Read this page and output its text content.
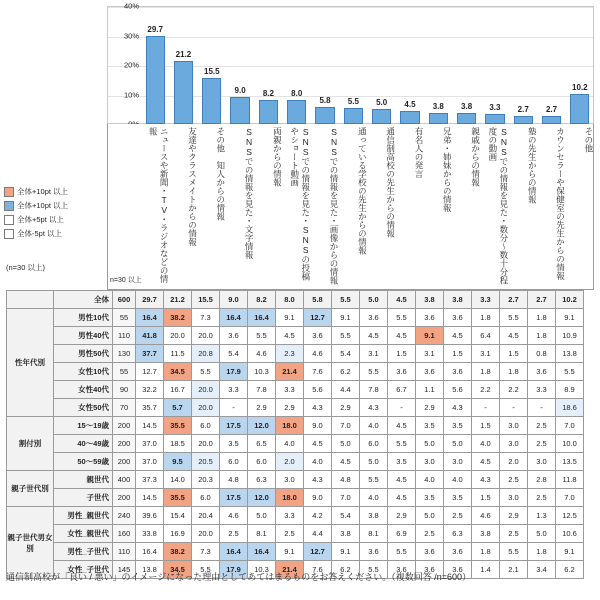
10%
20%
30%
40%
29.7
21.2
15.5
9.0 8.2 8.0
5.8 5.5 5.0 4.5 3.8 3.8 3.3 2.7 2.7
10.2
ニュースや新聞・TV・ラジオなどの情報	友達やクラスメイトからの情報	その他　知人からの情報	SNSでの情報を見た・文字情報	両親からの情報	SNSでの情報を見た・SNSの投稿やショート動画	SNSでの情報を見た・画像からの情報	通っている学校の先生からの情報	通信制高校の先生からの情報	有名人の発言	兄弟・姉妹からの情報	親戚からの情報	SNSでの情報を見た・数分～数十分程度の動画	塾の先生からの情報	カウンセラーや保健室の先生からの情報	その他
n=30 以上
全体+10pt 以上
全体+10pt 以上
全体+5pt 以上
全体-5pt 以上
(n=30 以上)
	全体	600	29.7	21.2	15.5	9.0	8.2	8.0	5.8	5.5	5.0	4.5	3.8	3.8	3.3	2.7	2.7	10.2
性年代別	男性10代	55	16.4	38.2	7.3	16.4	16.4	9.1	12.7	9.1	3.6	5.5	3.6	3.6	1.8	5.5	1.8	9.1
	男性40代	110	41.8	20.0	20.0	3.6	5.5	4.5	3.6	5.5	4.5	4.5	9.1	4.5	6.4	4.5	1.8	10.9
	男性50代	130	37.7	11.5	20.8	5.4	4.6	2.3	4.6	5.4	3.1	1.5	3.1	1.5	3.1	1.5	0.8	13.8
	女性10代	55	12.7	34.5	5.5	17.9	10.3	21.4	7.6	6.2	5.5	3.6	3.6	3.6	1.8	1.8	3.6	5.5
	女性40代	90	32.2	16.7	20.0	3.3	7.8	3.3	5.6	4.4	7.8	6.7	1.1	5.6	2.2	2.2	3.3	8.9
	女性50代	70	35.7	5.7	20.0	-	2.9	2.9	4.3	2.9	4.3	-	2.9	4.3	-	-	-	18.6
割付別	15～19歳	200	14.5	35.5	6.0	17.5	12.0	18.0	9.0	7.0	4.0	4.5	3.5	3.5	1.5	3.0	2.5	7.0
	40～49歳	200	37.0	18.5	20.0	3.5	6.5	4.0	4.5	5.0	6.0	5.5	5.0	5.0	4.0	3.0	2.5	10.0
	50～59歳	200	37.0	9.5	20.5	6.0	6.0	2.0	4.0	4.5	5.0	3.5	3.0	3.0	4.5	2.0	3.0	13.5
親子世代別	親世代	400	37.3	14.0	20.3	4.8	6.3	3.0	4.3	4.8	5.5	4.5	4.0	4.0	4.3	2.5	2.8	11.8
	子世代	200	14.5	35.5	6.0	17.5	12.0	18.0	9.0	7.0	4.0	4.5	3.5	3.5	1.5	3.0	2.5	7.0
親子世代男女別	男性_親世代	240	39.6	15.4	20.4	4.6	5.0	3.3	4.2	5.4	3.8	2.9	5.0	2.5	4.6	2.9	1.3	12.5
	女性_親世代	160	33.8	16.9	20.0	2.5	8.1	2.5	4.4	3.8	8.1	6.9	2.5	6.3	3.8	2.5	5.0	10.6
	男性_子世代	110	16.4	38.2	7.3	16.4	16.4	9.1	12.7	9.1	3.6	5.5	3.6	3.6	1.8	5.5	1.8	9.1
	女性_子世代	145	13.8	34.5	5.5	17.9	10.3	21.4	7.6	6.2	5.5	3.6	3.6	3.6	1.4	2.1	3.4	6.2
通信制高校が「良い / 悪い」のイメージになった理由としてあてはまるものをお答えください。（複数回答 /n=600）
